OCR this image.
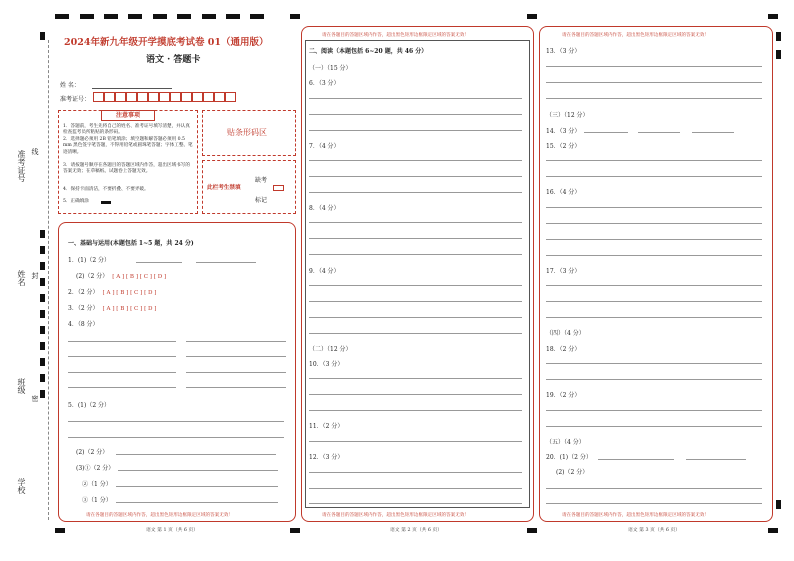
准考证号 线
姓名 封
班级
密
学校
2024年新九年级开学摸底考试卷 01（通用版）
语文 · 答题卡
姓 名：
准考证号：
注意事项
1．答题前，考生先将自己的姓名、准考证号填写清楚，并认真检查监考员所粘贴的条形码。
2．选择题必须用 2B 铅笔填涂；填空题和解答题必须用 0.5 mm 黑色签字笔答题，不得用铅笔或圆珠笔答题；字体工整、笔迹清晰。
3．请按题号顺序在各题目的答题区域内作答，超出区域书写的答案无效；在草稿纸、试题卷上答题无效。
4．保持卡面清洁，不要折叠、不要弄破。
5．正确填涂
贴条形码区
缺考
此栏考生禁填
标记
一、基础与运用(本题包括 1~5 题，共 24 分)
1．(1)（2 分）
(2)（2 分） [ A ] [ B ] [ C ] [ D ]
2．（2 分） [ A ] [ B ] [ C ] [ D ]
3．（2 分） [ A ] [ B ] [ C ] [ D ]
4．（8 分）
5．(1)（2 分）
(2)（2 分）
(3)①（2 分）
②（1 分）
③（1 分）
请在各题目的答题区域内作答，超出黑色矩形边框限定区域的答案无效！
语文 第 1 页（共 6 页）
请在各题目的答题区域内作答，超出黑色矩形边框限定区域的答案无效！
二、阅读（本题包括 6~20 题，共 46 分）
（一）（15 分）
6．（3 分）
7．（4 分）
8．（4 分）
9．（4 分）
（二）（12 分）
10．（3 分）
11．（2 分）
12．（3 分）
请在各题目的答题区域内作答，超出黑色矩形边框限定区域的答案无效！
语文 第 2 页（共 6 页）
请在各题目的答题区域内作答，超出黑色矩形边框限定区域的答案无效！
13．（3 分）
（三）（12 分）
14．（3 分）
15．（2 分）
16．（4 分）
17．（3 分）
（四）（4 分）
18．（2 分）
19．（2 分）
（五）（4 分）
20．(1)（2 分）
(2)（2 分）
请在各题目的答题区域内作答，超出黑色矩形边框限定区域的答案无效！
语文 第 3 页（共 6 页）
